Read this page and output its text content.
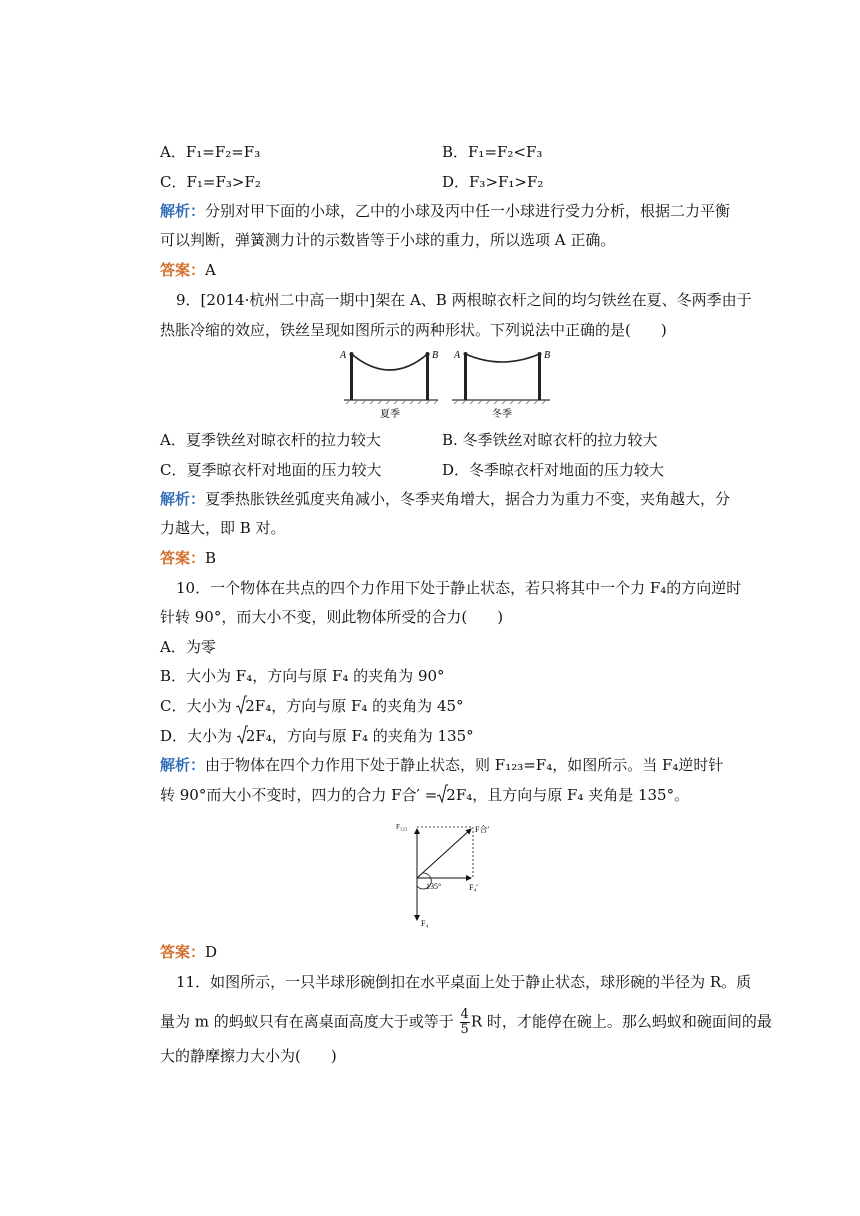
A．F₁=F₂=F₃	B．F₁=F₂<F₃
C．F₁=F₃>F₂	D．F₃>F₁>F₂
解析：分别对甲下面的小球，乙中的小球及丙中任一小球进行受力分析，根据二力平衡
可以判断，弹簧测力计的示数皆等于小球的重力，所以选项 A 正确。
答案：A
9．[2014·杭州二中高一期中]架在 A、B 两根晾衣杆之间的均匀铁丝在夏、冬两季由于
热胀冷缩的效应，铁丝呈现如图所示的两种形状。下列说法中正确的是(　　)
A	B
夏季
A	B
冬季
A．夏季铁丝对晾衣杆的拉力较大	B. 冬季铁丝对晾衣杆的拉力较大
C．夏季晾衣杆对地面的压力较大	D．冬季晾衣杆对地面的压力较大
解析：夏季热胀铁丝弧度夹角减小，冬季夹角增大，据合力为重力不变，夹角越大，分
力越大，即 B 对。
答案：B
10．一个物体在共点的四个力作用下处于静止状态，若只将其中一个力 F₄的方向逆时
针转 90°，而大小不变，则此物体所受的合力(　　)
A．为零
B．大小为 F₄，方向与原 F₄ 的夹角为 90°
C．大小为
2F₄，方向与原 F₄ 的夹角为 45°
D．大小为
2F₄，方向与原 F₄ 的夹角为 135°
解析：由于物体在四个力作用下处于静止状态，则 F₁₂₃=F₄，如图所示。当 F₄逆时针
转 90°而大小不变时，四力的合力 F合′ = 2F₄，且方向与原 F₄ 夹角是 135°。
F₁₂₃	F合′
135°	F₄′
F₄
答案：D
11．如图所示，一只半球形碗倒扣在水平桌面上处于静止状态，球形碗的半径为 R。质
量为 m 的蚂蚁只有在离桌面高度大于或等于 $\frac{4}{5}$ R 时，才能停在碗上。那么蚂蚁和碗面间的最
大的静摩擦力大小为(　　)
